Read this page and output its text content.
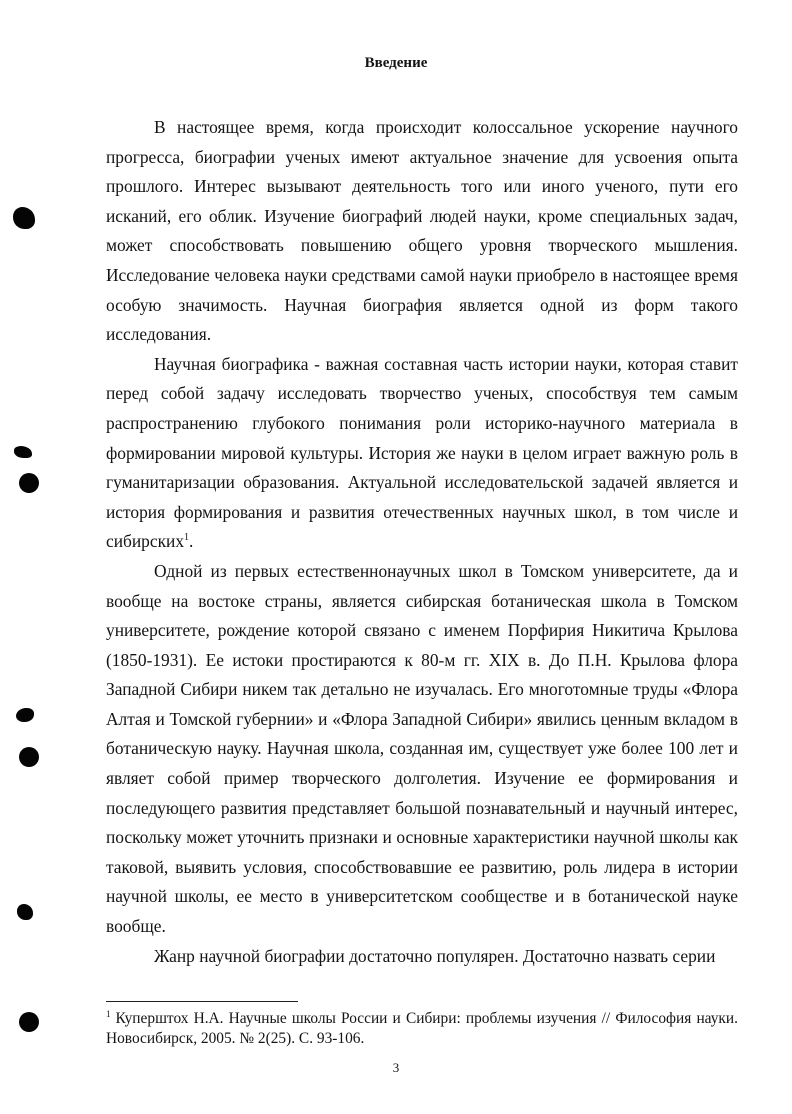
Введение

В настоящее время, когда происходит колоссальное ускорение научного прогресса, биографии ученых имеют актуальное значение для усвоения опыта прошлого. Интерес вызывают деятельность того или иного ученого, пути его исканий, его облик. Изучение биографий людей науки, кроме специальных задач, может способствовать повышению общего уровня творческого мышления. Исследование человека науки средствами самой науки приобрело в настоящее время особую значимость. Научная биография является одной из форм такого исследования.

Научная биографика - важная составная часть истории науки, которая ставит перед собой задачу исследовать творчество ученых, способствуя тем самым распространению глубокого понимания роли историко-научного материала в формировании мировой культуры. История же науки в целом играет важную роль в гуманитаризации образования. Актуальной исследовательской задачей является и история формирования и развития отечественных научных школ, в том числе и сибирских$^1$.

Одной из первых естественнонаучных школ в Томском университете, да и вообще на востоке страны, является сибирская ботаническая школа в Томском университете, рождение которой связано с именем Порфирия Никитича Крылова (1850-1931). Ее истоки простираются к 80-м гг. XIX в. До П.Н. Крылова флора Западной Сибири никем так детально не изучалась. Его многотомные труды «Флора Алтая и Томской губернии» и «Флора Западной Сибири» явились ценным вкладом в ботаническую науку. Научная школа, созданная им, существует уже более 100 лет и являет собой пример творческого долголетия. Изучение ее формирования и последующего развития представляет большой познавательный и научный интерес, поскольку может уточнить признаки и основные характеристики научной школы как таковой, выявить условия, способствовавшие ее развитию, роль лидера в истории научной школы, ее место в университетском сообществе и в ботанической науке вообще.

Жанр научной биографии достаточно популярен. Достаточно назвать серии

$^1$ Куперштох Н.А. Научные школы России и Сибири: проблемы изучения // Философия науки. Новосибирск, 2005. № 2(25). С. 93-106.
3
